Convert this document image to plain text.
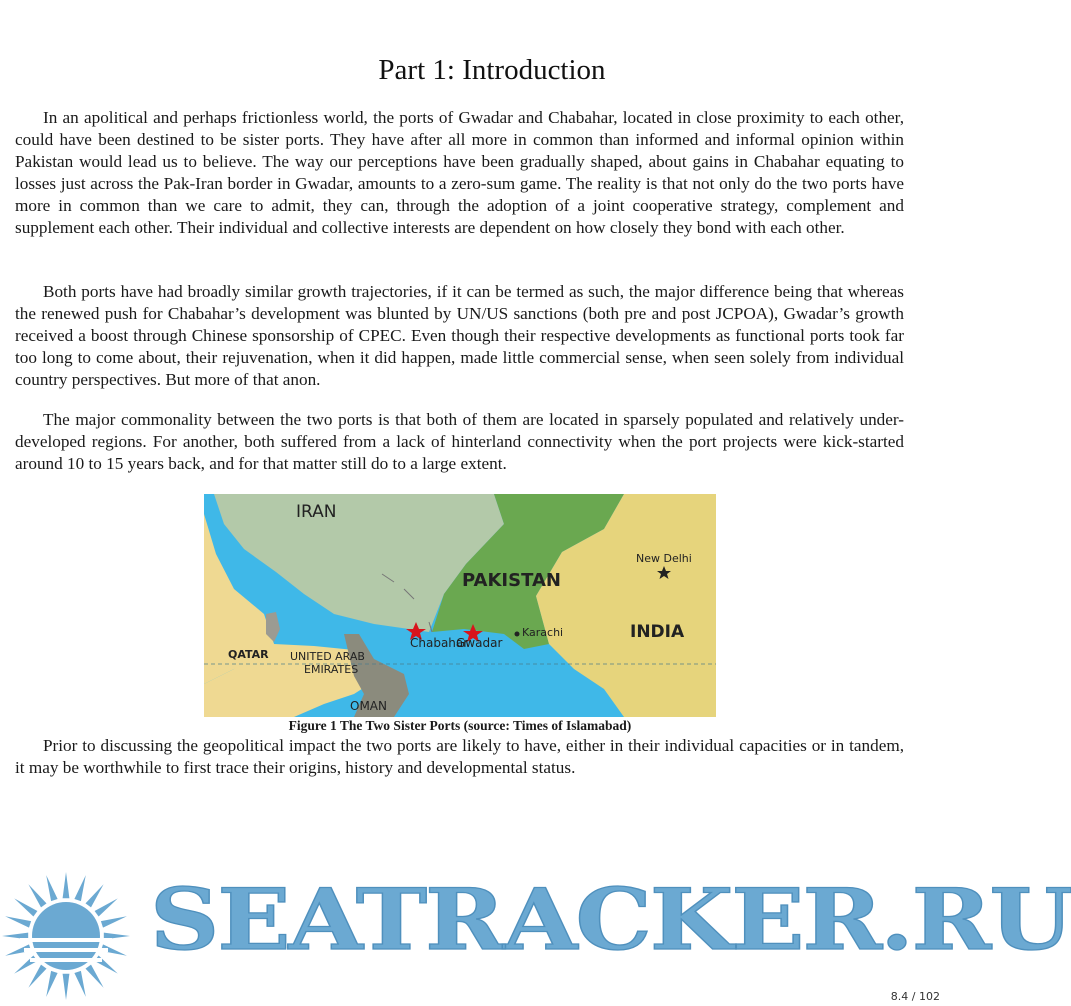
Part 1: Introduction

In an apolitical and perhaps frictionless world, the ports of Gwadar and Chabahar, located in close proximity to each other, could have been destined to be sister ports. They have after all more in common than informed and informal opinion within Pakistan would lead us to believe. The way our perceptions have been gradually shaped, about gains in Chabahar equating to losses just across the Pak-Iran border in Gwadar, amounts to a zero-sum game. The reality is that not only do the two ports have more in common than we care to admit, they can, through the adoption of a joint cooperative strategy, complement and supplement each other. Their individual and collective interests are dependent on how closely they bond with each other.

Both ports have had broadly similar growth trajectories, if it can be termed as such, the major difference being that whereas the renewed push for Chabahar’s development was blunted by UN/US sanctions (both pre and post JCPOA), Gwadar’s growth received a boost through Chinese sponsorship of CPEC. Even though their respective developments as functional ports took far too long to come about, their rejuvenation, when it did happen, made little commercial sense, when seen solely from individual country perspectives. But more of that anon.

The major commonality between the two ports is that both of them are located in sparsely populated and relatively under-developed regions. For another, both suffered from a lack of hinterland connectivity when the port projects were kick-started around 10 to 15 years back, and for that matter still do to a large extent.

IRAN
PAKISTAN
INDIA
New Delhi
Karachi
Chabahar
Gwadar
QATAR UNITED ARAB
EMIRATES
OMAN
Figure 1 The Two Sister Ports (source: Times of Islamabad)

Prior to discussing the geopolitical impact the two ports are likely to have, either in their individual capacities or in tandem, it may be worthwhile to first trace their origins, history and developmental status.

SEATRACKER.RU
8.4 / 102
